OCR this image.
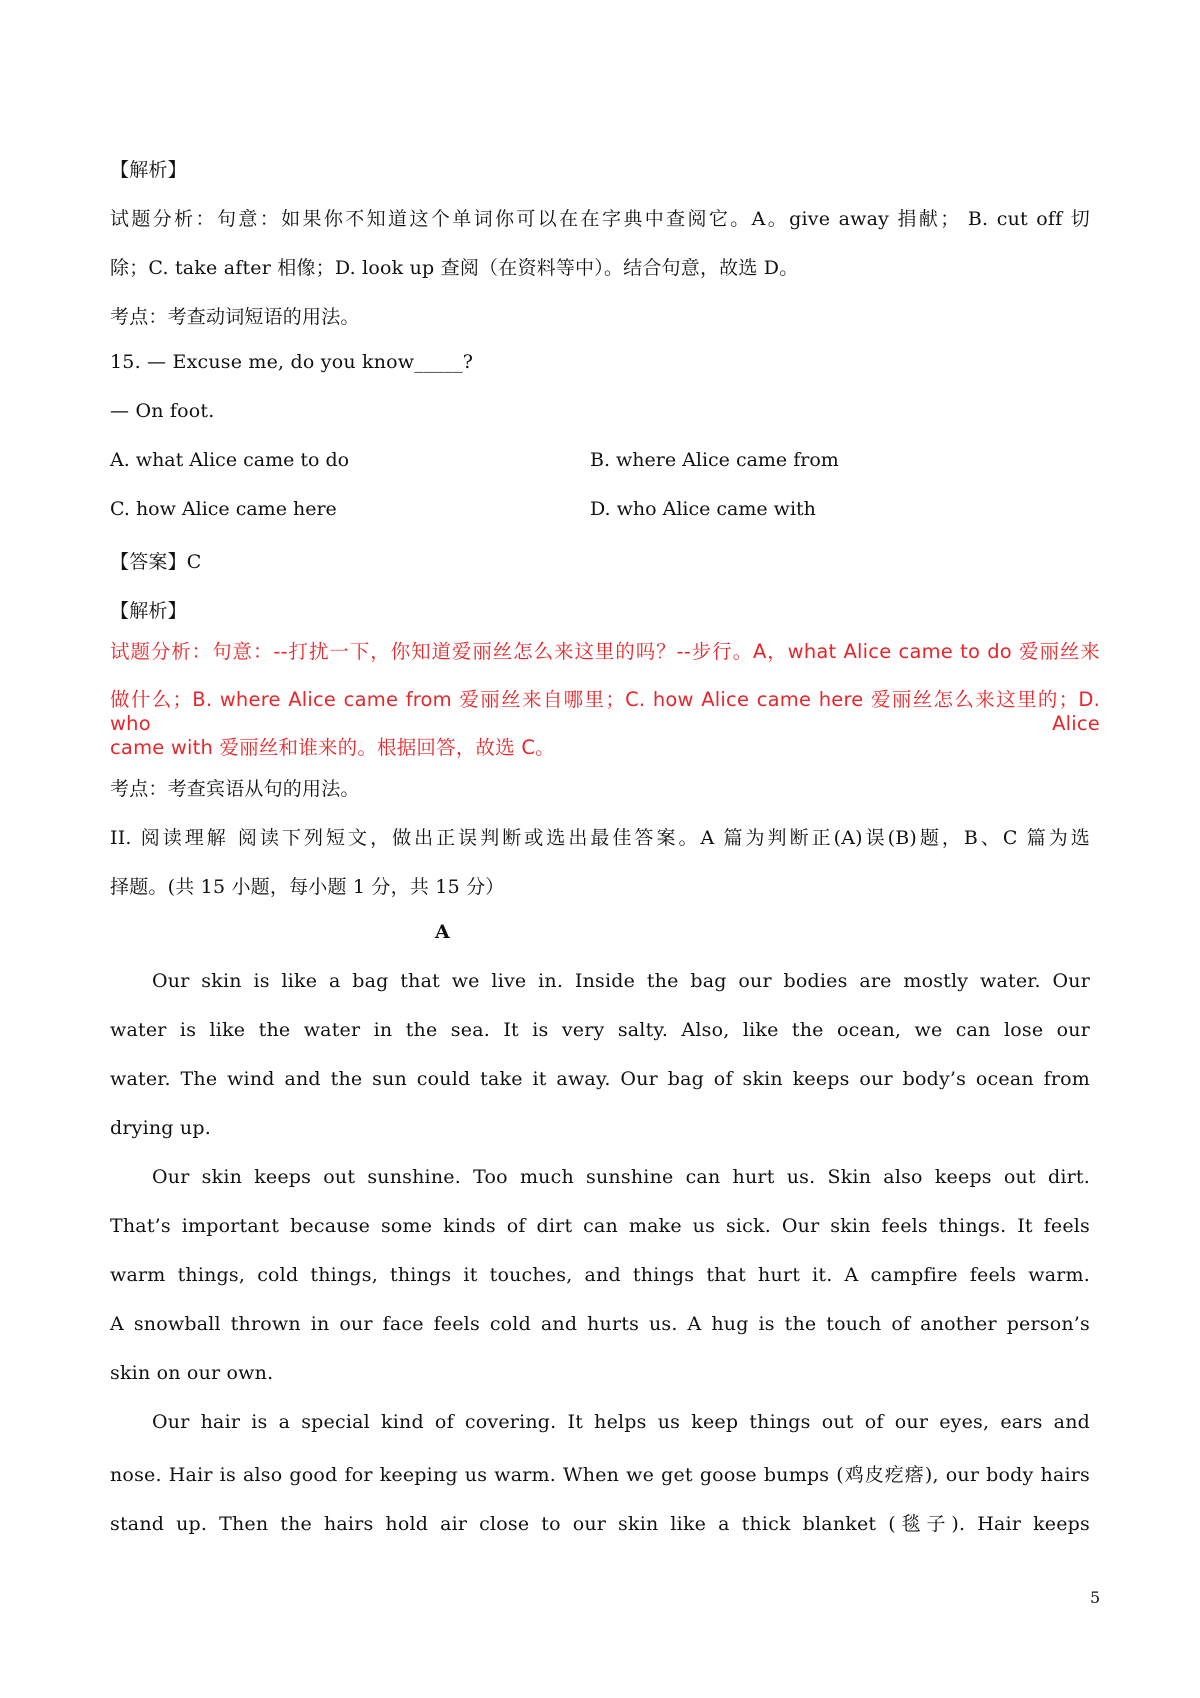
【解析】
试题分析：句意：如果你不知道这个单词你可以在在字典中查阅它。A。give away 捐献； B. cut off 切
除；C. take after 相像；D. look up 查阅（在资料等中）。结合句意，故选 D。
考点：考查动词短语的用法。
15. — Excuse me, do you know_____?
— On foot.
A. what Alice came to do	B. where Alice came from
C. how Alice came here	D. who Alice came with
【答案】C
【解析】
试题分析：句意：--打扰一下，你知道爱丽丝怎么来这里的吗？--步行。A，what Alice came to do 爱丽丝来
做什么；B. where Alice came from 爱丽丝来自哪里；C. how Alice came here 爱丽丝怎么来这里的；D. who Alice
came with 爱丽丝和谁来的。根据回答，故选 C。
考点：考查宾语从句的用法。
II. 阅读理解 阅读下列短文，做出正误判断或选出最佳答案。A 篇为判断正(A)误(B)题，B、C 篇为选
择题。(共 15 小题，每小题 1 分，共 15 分）
A
Our skin is like a bag that we live in. Inside the bag our bodies are mostly water. Our
water is like the water in the sea. It is very salty. Also, like the ocean, we can lose our
water. The wind and the sun could take it away. Our bag of skin keeps our body’s ocean from
drying up.
Our skin keeps out sunshine. Too much sunshine can hurt us. Skin also keeps out dirt.
That’s important because some kinds of dirt can make us sick. Our skin feels things. It feels
warm things, cold things, things it touches, and things that hurt it. A campfire feels warm.
A snowball thrown in our face feels cold and hurts us. A hug is the touch of another person’s
skin on our own.
Our hair is a special kind of covering. It helps us keep things out of our eyes, ears and
nose. Hair is also good for keeping us warm. When we get goose bumps (鸡皮疙瘩), our body hairs
stand up. Then the hairs hold air close to our skin like a thick blanket (毯子). Hair keeps
5
